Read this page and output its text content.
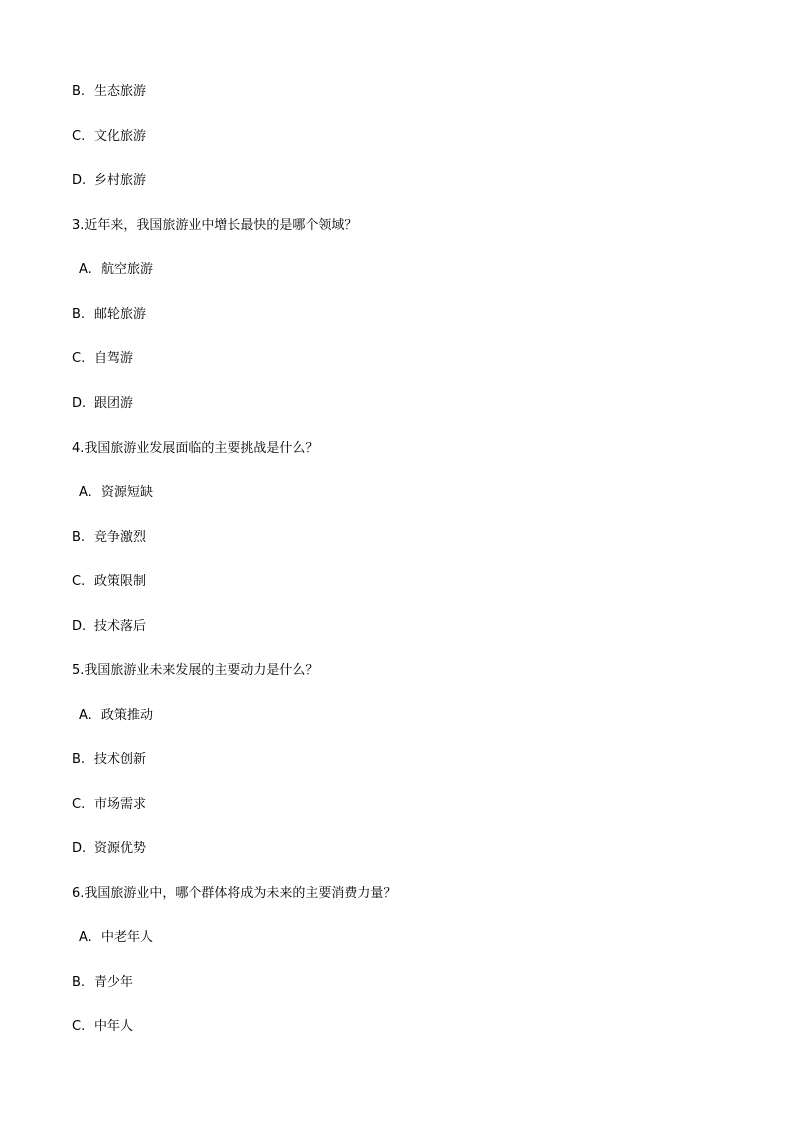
B. 生态旅游
C. 文化旅游
D. 乡村旅游
3.近年来，我国旅游业中增长最快的是哪个领域？
A. 航空旅游
B. 邮轮旅游
C. 自驾游
D. 跟团游
4.我国旅游业发展面临的主要挑战是什么？
A. 资源短缺
B. 竞争激烈
C. 政策限制
D. 技术落后
5.我国旅游业未来发展的主要动力是什么？
A. 政策推动
B. 技术创新
C. 市场需求
D. 资源优势
6.我国旅游业中，哪个群体将成为未来的主要消费力量？
A. 中老年人
B. 青少年
C. 中年人
